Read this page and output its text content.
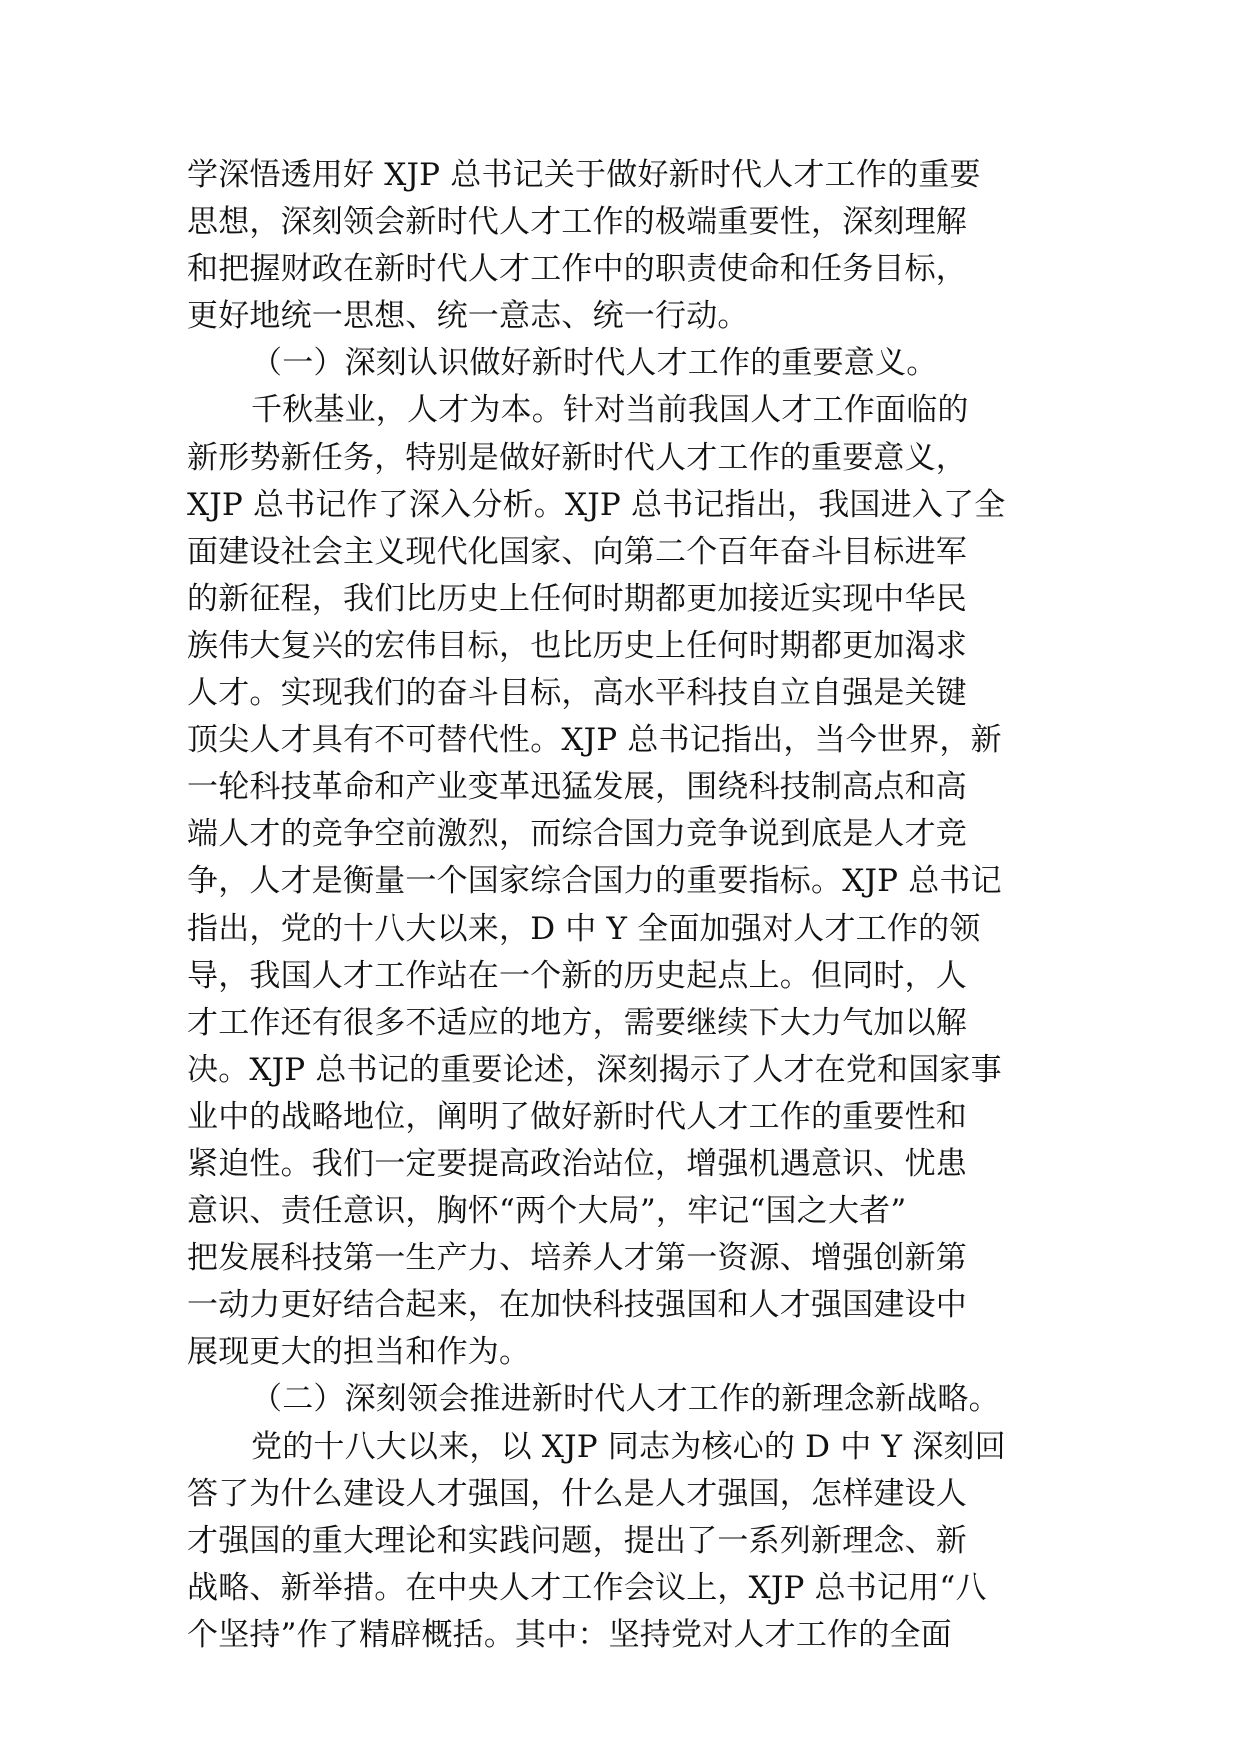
学深悟透用好 XJP 总书记关于做好新时代人才工作的重要
思想，深刻领会新时代人才工作的极端重要性，深刻理解
和把握财政在新时代人才工作中的职责使命和任务目标，
更好地统一思想、统一意志、统一行动。
（一）深刻认识做好新时代人才工作的重要意义。
千秋基业，人才为本。针对当前我国人才工作面临的
新形势新任务，特别是做好新时代人才工作的重要意义，
XJP 总书记作了深入分析。XJP 总书记指出，我国进入了全
面建设社会主义现代化国家、向第二个百年奋斗目标进军
的新征程，我们比历史上任何时期都更加接近实现中华民
族伟大复兴的宏伟目标，也比历史上任何时期都更加渴求
人才。实现我们的奋斗目标，高水平科技自立自强是关键
顶尖人才具有不可替代性。XJP 总书记指出，当今世界，新
一轮科技革命和产业变革迅猛发展，围绕科技制高点和高
端人才的竞争空前激烈，而综合国力竞争说到底是人才竞
争，人才是衡量一个国家综合国力的重要指标。XJP 总书记
指出，党的十八大以来，D 中 Y 全面加强对人才工作的领
导，我国人才工作站在一个新的历史起点上。但同时，人
才工作还有很多不适应的地方，需要继续下大力气加以解
决。XJP 总书记的重要论述，深刻揭示了人才在党和国家事
业中的战略地位，阐明了做好新时代人才工作的重要性和
紧迫性。我们一定要提高政治站位，增强机遇意识、忧患
意识、责任意识，胸怀“两个大局”，牢记“国之大者”
把发展科技第一生产力、培养人才第一资源、增强创新第
一动力更好结合起来，在加快科技强国和人才强国建设中
展现更大的担当和作为。
（二）深刻领会推进新时代人才工作的新理念新战略。
党的十八大以来，以 XJP 同志为核心的 D 中 Y 深刻回
答了为什么建设人才强国，什么是人才强国，怎样建设人
才强国的重大理论和实践问题，提出了一系列新理念、新
战略、新举措。在中央人才工作会议上，XJP 总书记用“八
个坚持”作了精辟概括。其中：坚持党对人才工作的全面
